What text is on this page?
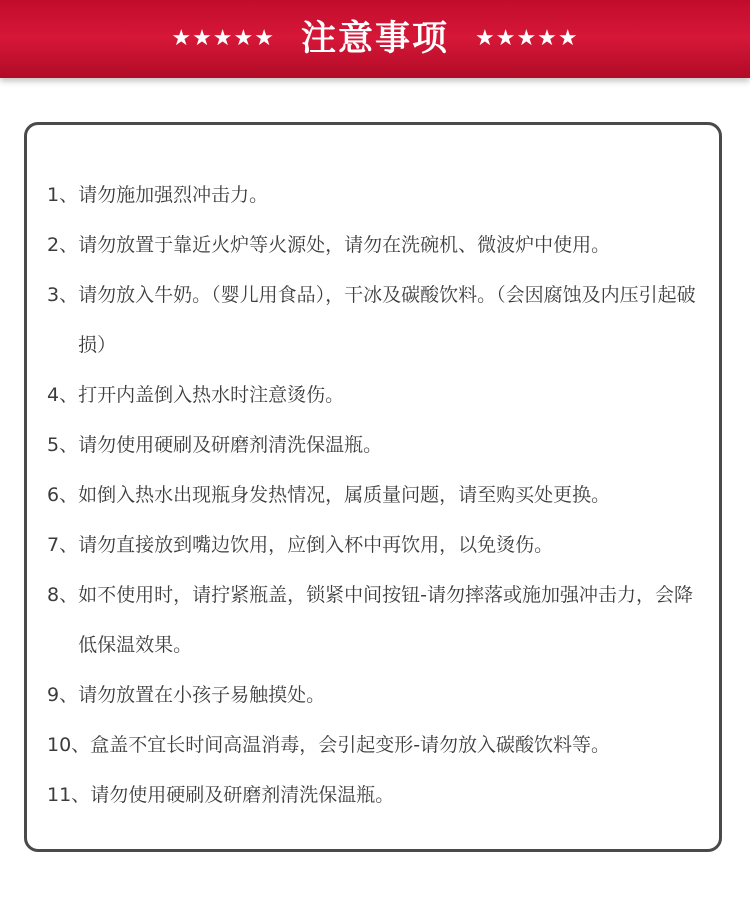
★★★★★ 注意事项 ★★★★★
1、 请勿施加强烈冲击力。
2、 请勿放置于靠近火炉等火源处，请勿在洗碗机、微波炉中使用。
3、 请勿放入牛奶。（婴儿用食品），干冰及碳酸饮料。（会因腐蚀及内压引起破损）
4、 打开内盖倒入热水时注意烫伤。
5、 请勿使用硬刷及研磨剂清洗保温瓶。
6、 如倒入热水出现瓶身发热情况，属质量问题，请至购买处更换。
7、 请勿直接放到嘴边饮用，应倒入杯中再饮用，以免烫伤。
8、 如不使用时，请拧紧瓶盖，锁紧中间按钮-请勿摔落或施加强冲击力，会降低保温效果。
9、 请勿放置在小孩子易触摸处。
10、 盒盖不宜长时间高温消毒，会引起变形-请勿放入碳酸饮料等。
11、 请勿使用硬刷及研磨剂清洗保温瓶。
